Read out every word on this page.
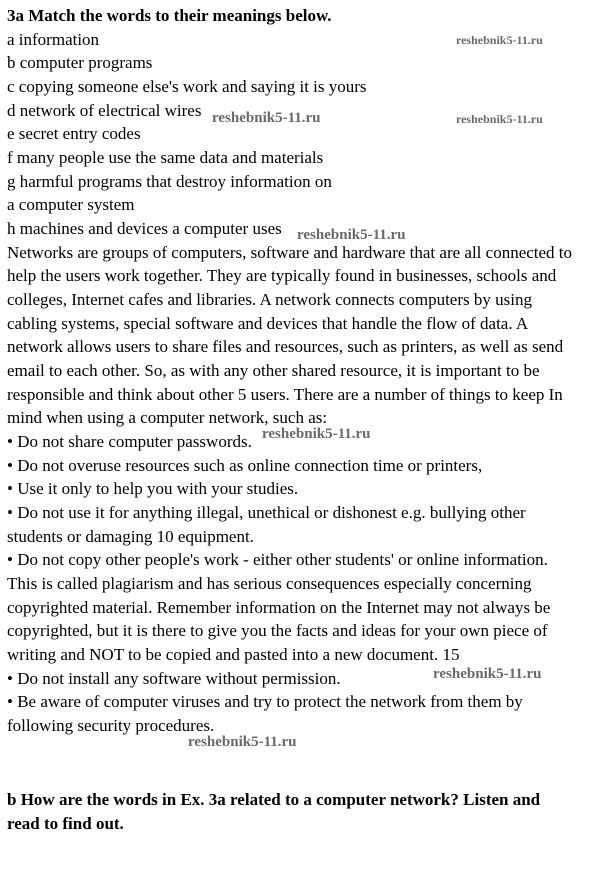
3a Match the words to their meanings below.
a information
b computer programs
c copying someone else's work and saying it is yours
d network of electrical wires
e secret entry codes
f many people use the same data and materials
g harmful programs that destroy information on
a computer system
h machines and devices a computer uses
Networks are groups of computers, software and hardware that are all connected to
help the users work together. They are typically found in businesses, schools and
colleges, Internet cafes and libraries. A network connects computers by using
cabling systems, special software and devices that handle the flow of data. A
network allows users to share files and resources, such as printers, as well as send
email to each other. So, as with any other shared resource, it is important to be
responsible and think about other 5 users. There are a number of things to keep In
mind when using a computer network, such as:
• Do not share computer passwords.
• Do not overuse resources such as online connection time or printers,
• Use it only to help you with your studies.
• Do not use it for anything illegal, unethical or dishonest e.g. bullying other
students or damaging 10 equipment.
• Do not copy other people's work - either other students' or online information.
This is called plagiarism and has serious consequences especially concerning
copyrighted material. Remember information on the Internet may not always be
copyrighted, but it is there to give you the facts and ideas for your own piece of
writing and NOT to be copied and pasted into a new document. 15
• Do not install any software without permission.
• Be aware of computer viruses and try to protect the network from them by
following security procedures.
b How are the words in Ex. 3a related to a computer network? Listen and
read to find out.
reshebnik5-11.ru
reshebnik5-11.ru	reshebnik5-11.ru
reshebnik5-11.ru
reshebnik5-11.ru
reshebnik5-11.ru
reshebnik5-11.ru
